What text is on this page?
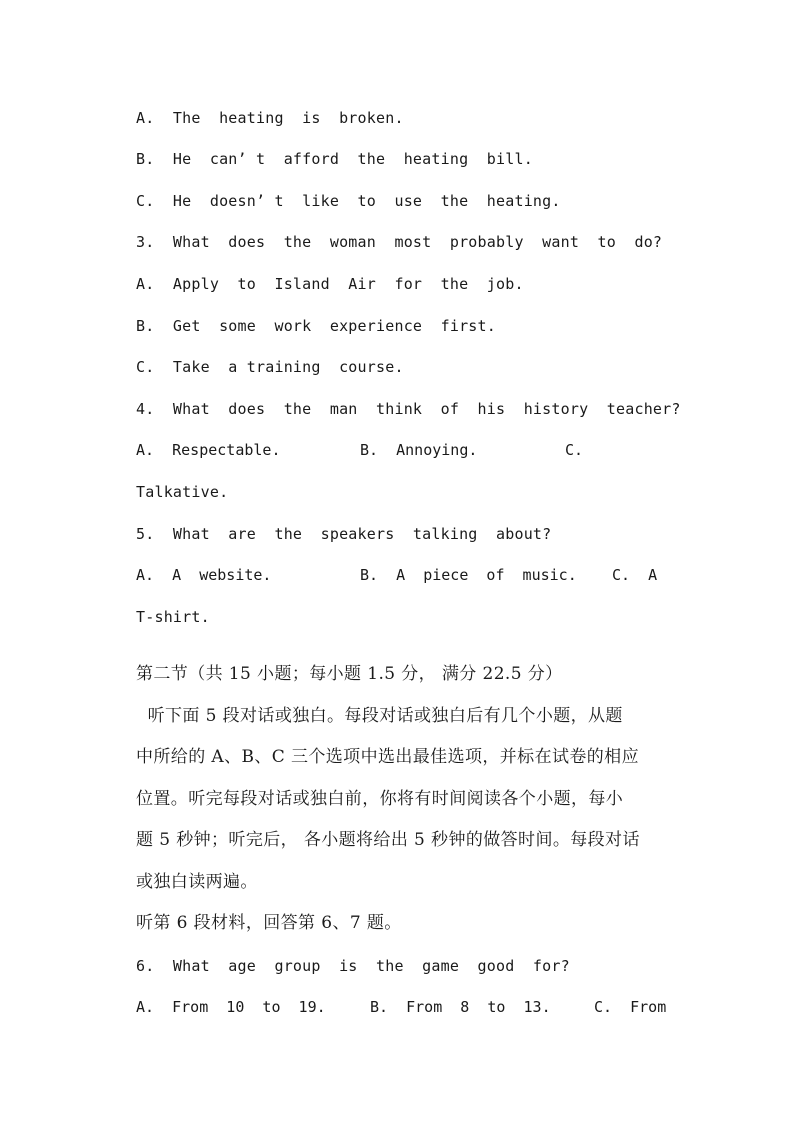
A.  The  heating  is  broken.
B.  He  can’ t  afford  the  heating  bill.
C.  He  doesn’ t  like  to  use  the  heating.
3.  What  does  the  woman  most  probably  want  to  do?
A.  Apply  to  Island  Air  for  the  job.
B.  Get  some  work  experience  first.
C.  Take  a training  course.
4.  What  does  the  man  think  of  his  history  teacher?
A.  Respectable.	B.  Annoying.	C.
Talkative.
5.  What  are  the  speakers  talking  about?
A.  A  website.	B.  A  piece  of  music. C.  A
T-shirt.
第二节（共 15 小题；每小题 1.5 分， 满分 22.5 分）
听下面 5 段对话或独白。每段对话或独白后有几个小题，从题
中所给的 A、B、C 三个选项中选出最佳选项，并标在试卷的相应
位置。听完每段对话或独白前，你将有时间阅读各个小题，每小
题 5 秒钟；听完后， 各小题将给出 5 秒钟的做答时间。每段对话
或独白读两遍。
听第 6 段材料，回答第 6、7 题。
6.  What  age  group  is  the  game  good  for?
A.  From  10  to  19.	B.  From  8  to  13.	C.  From
